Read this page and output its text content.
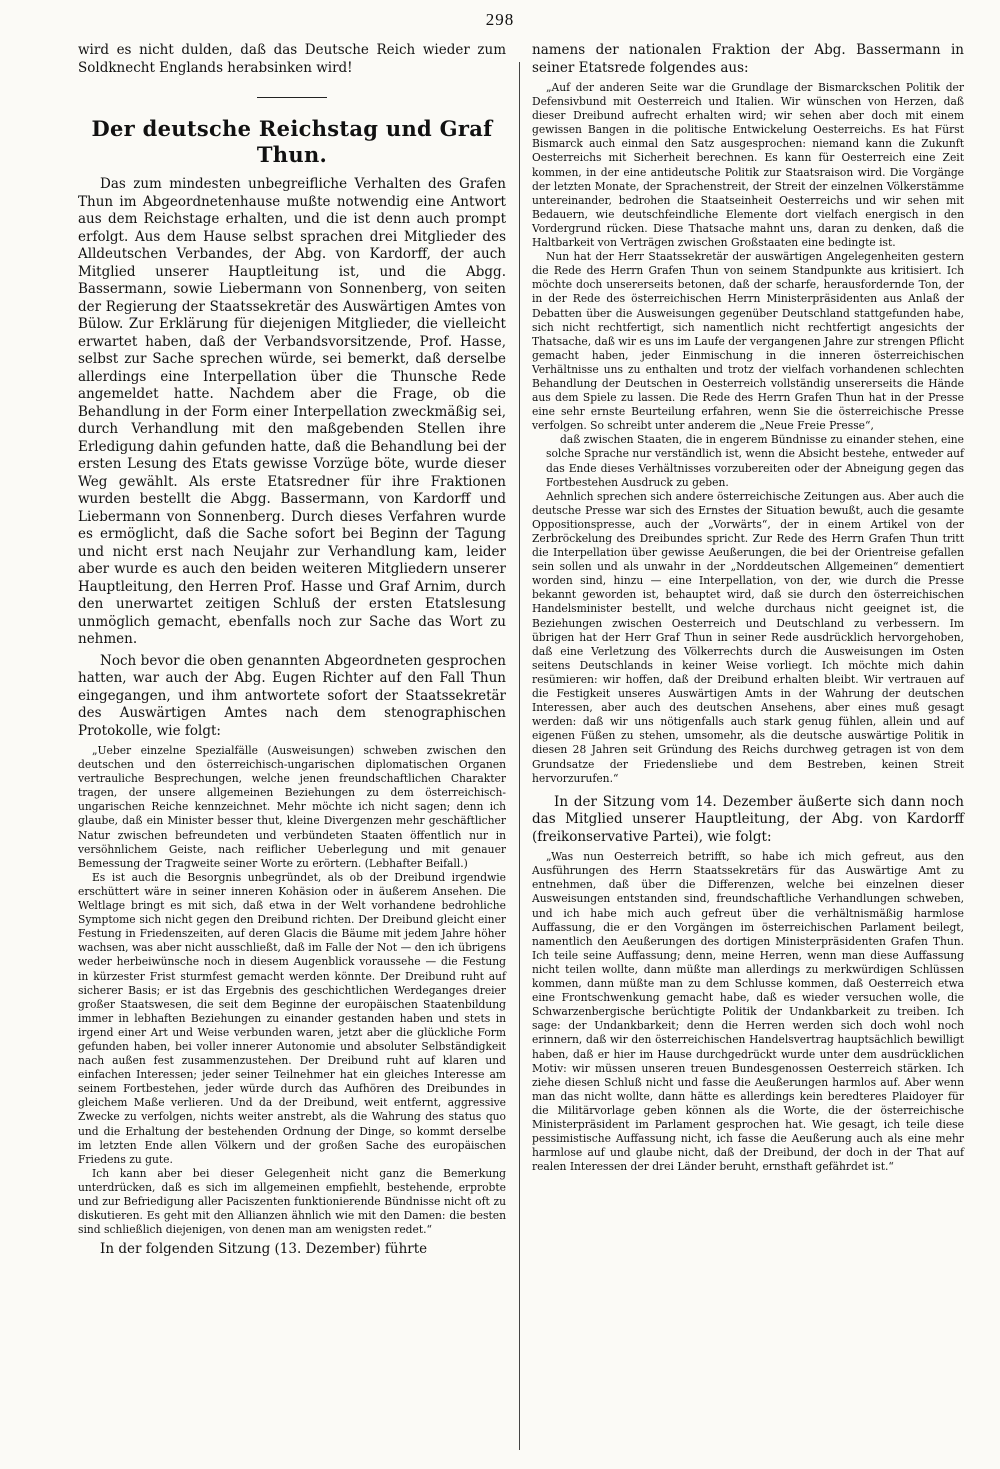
298

wird es nicht dulden, daß das Deutsche Reich wieder zum Soldknecht Englands herabsinken wird!

Der deutsche Reichstag und Graf Thun.

Das zum mindesten unbegreifliche Verhalten des Grafen Thun im Abgeordnetenhause mußte notwendig eine Antwort aus dem Reichstage erhalten, und die ist denn auch prompt erfolgt. Aus dem Hause selbst sprachen drei Mitglieder des Alldeutschen Verbandes, der Abg. von Kardorff, der auch Mitglied unserer Hauptleitung ist, und die Abgg. Bassermann, sowie Liebermann von Sonnenberg, von seiten der Regierung der Staatssekretär des Auswärtigen Amtes von Bülow. Zur Erklärung für diejenigen Mitglieder, die vielleicht erwartet haben, daß der Verbandsvorsitzende, Prof. Hasse, selbst zur Sache sprechen würde, sei bemerkt, daß derselbe allerdings eine Interpellation über die Thunsche Rede angemeldet hatte. Nachdem aber die Frage, ob die Behandlung in der Form einer Interpellation zweckmäßig sei, durch Verhandlung mit den maßgebenden Stellen ihre Erledigung dahin gefunden hatte, daß die Behandlung bei der ersten Lesung des Etats gewisse Vorzüge böte, wurde dieser Weg gewählt. Als erste Etatsredner für ihre Fraktionen wurden bestellt die Abgg. Bassermann, von Kardorff und Liebermann von Sonnenberg. Durch dieses Verfahren wurde es ermöglicht, daß die Sache sofort bei Beginn der Tagung und nicht erst nach Neujahr zur Verhandlung kam, leider aber wurde es auch den beiden weiteren Mitgliedern unserer Hauptleitung, den Herren Prof. Hasse und Graf Arnim, durch den unerwartet zeitigen Schluß der ersten Etatslesung unmöglich gemacht, ebenfalls noch zur Sache das Wort zu nehmen.

Noch bevor die oben genannten Abgeordneten gesprochen hatten, war auch der Abg. Eugen Richter auf den Fall Thun eingegangen, und ihm antwortete sofort der Staatssekretär des Auswärtigen Amtes nach dem stenographischen Protokolle, wie folgt:

„Ueber einzelne Spezialfälle (Ausweisungen) schweben zwischen den deutschen und den österreichisch-ungarischen diplomatischen Organen vertrauliche Besprechungen, welche jenen freundschaftlichen Charakter tragen, der unsere allgemeinen Beziehungen zu dem österreichisch-ungarischen Reiche kennzeichnet. Mehr möchte ich nicht sagen; denn ich glaube, daß ein Minister besser thut, kleine Divergenzen mehr geschäftlicher Natur zwischen befreundeten und verbündeten Staaten öffentlich nur in versöhnlichem Geiste, nach reiflicher Ueberlegung und mit genauer Bemessung der Tragweite seiner Worte zu erörtern. (Lebhafter Beifall.)

Es ist auch die Besorgnis unbegründet, als ob der Dreibund irgendwie erschüttert wäre in seiner inneren Kohäsion oder in äußerem Ansehen. Die Weltlage bringt es mit sich, daß etwa in der Welt vorhandene bedrohliche Symptome sich nicht gegen den Dreibund richten. Der Dreibund gleicht einer Festung in Friedenszeiten, auf deren Glacis die Bäume mit jedem Jahre höher wachsen, was aber nicht ausschließt, daß im Falle der Not — den ich übrigens weder herbeiwünsche noch in diesem Augenblick voraussehe — die Festung in kürzester Frist sturmfest gemacht werden könnte. Der Dreibund ruht auf sicherer Basis; er ist das Ergebnis des geschichtlichen Werdeganges dreier großer Staatswesen, die seit dem Beginne der europäischen Staatenbildung immer in lebhaften Beziehungen zu einander gestanden haben und stets in irgend einer Art und Weise verbunden waren, jetzt aber die glückliche Form gefunden haben, bei voller innerer Autonomie und absoluter Selbständigkeit nach außen fest zusammenzustehen. Der Dreibund ruht auf klaren und einfachen Interessen; jeder seiner Teilnehmer hat ein gleiches Interesse am seinem Fortbestehen, jeder würde durch das Aufhören des Dreibundes in gleichem Maße verlieren. Und da der Dreibund, weit entfernt, aggressive Zwecke zu verfolgen, nichts weiter anstrebt, als die Wahrung des status quo und die Erhaltung der bestehenden Ordnung der Dinge, so kommt derselbe im letzten Ende allen Völkern und der großen Sache des europäischen Friedens zu gute.

Ich kann aber bei dieser Gelegenheit nicht ganz die Bemerkung unterdrücken, daß es sich im allgemeinen empfiehlt, bestehende, erprobte und zur Befriedigung aller Paciszenten funktionierende Bündnisse nicht oft zu diskutieren. Es geht mit den Allianzen ähnlich wie mit den Damen: die besten sind schließlich diejenigen, von denen man am wenigsten redet.“

In der folgenden Sitzung (13. Dezember) führte

namens der nationalen Fraktion der Abg. Bassermann in seiner Etatsrede folgendes aus:

„Auf der anderen Seite war die Grundlage der Bismarckschen Politik der Defensivbund mit Oesterreich und Italien. Wir wünschen von Herzen, daß dieser Dreibund aufrecht erhalten wird; wir sehen aber doch mit einem gewissen Bangen in die politische Entwickelung Oesterreichs. Es hat Fürst Bismarck auch einmal den Satz ausgesprochen: niemand kann die Zukunft Oesterreichs mit Sicherheit berechnen. Es kann für Oesterreich eine Zeit kommen, in der eine antideutsche Politik zur Staatsraison wird. Die Vorgänge der letzten Monate, der Sprachenstreit, der Streit der einzelnen Völkerstämme untereinander, bedrohen die Staatseinheit Oesterreichs und wir sehen mit Bedauern, wie deutschfeindliche Elemente dort vielfach energisch in den Vordergrund rücken. Diese Thatsache mahnt uns, daran zu denken, daß die Haltbarkeit von Verträgen zwischen Großstaaten eine bedingte ist.

Nun hat der Herr Staatssekretär der auswärtigen Angelegenheiten gestern die Rede des Herrn Grafen Thun von seinem Standpunkte aus kritisiert. Ich möchte doch unsererseits betonen, daß der scharfe, herausfordernde Ton, der in der Rede des österreichischen Herrn Ministerpräsidenten aus Anlaß der Debatten über die Ausweisungen gegenüber Deutschland stattgefunden habe, sich nicht rechtfertigt, sich namentlich nicht rechtfertigt angesichts der Thatsache, daß wir es uns im Laufe der vergangenen Jahre zur strengen Pflicht gemacht haben, jeder Einmischung in die inneren österreichischen Verhältnisse uns zu enthalten und trotz der vielfach vorhandenen schlechten Behandlung der Deutschen in Oesterreich vollständig unsererseits die Hände aus dem Spiele zu lassen. Die Rede des Herrn Grafen Thun hat in der Presse eine sehr ernste Beurteilung erfahren, wenn Sie die österreichische Presse verfolgen. So schreibt unter anderem die „Neue Freie Presse“,

daß zwischen Staaten, die in engerem Bündnisse zu einander stehen, eine solche Sprache nur verständlich ist, wenn die Absicht bestehe, entweder auf das Ende dieses Verhältnisses vorzubereiten oder der Abneigung gegen das Fortbestehen Ausdruck zu geben.

Aehnlich sprechen sich andere österreichische Zeitungen aus. Aber auch die deutsche Presse war sich des Ernstes der Situation bewußt, auch die gesamte Oppositionspresse, auch der „Vorwärts“, der in einem Artikel von der Zerbröckelung des Dreibundes spricht. Zur Rede des Herrn Grafen Thun tritt die Interpellation über gewisse Aeußerungen, die bei der Orientreise gefallen sein sollen und als unwahr in der „Norddeutschen Allgemeinen“ dementiert worden sind, hinzu — eine Interpellation, von der, wie durch die Presse bekannt geworden ist, behauptet wird, daß sie durch den österreichischen Handelsminister bestellt, und welche durchaus nicht geeignet ist, die Beziehungen zwischen Oesterreich und Deutschland zu verbessern. Im übrigen hat der Herr Graf Thun in seiner Rede ausdrücklich hervorgehoben, daß eine Verletzung des Völkerrechts durch die Ausweisungen im Osten seitens Deutschlands in keiner Weise vorliegt. Ich möchte mich dahin resümieren: wir hoffen, daß der Dreibund erhalten bleibt. Wir vertrauen auf die Festigkeit unseres Auswärtigen Amts in der Wahrung der deutschen Interessen, aber auch des deutschen Ansehens, aber eines muß gesagt werden: daß wir uns nötigenfalls auch stark genug fühlen, allein und auf eigenen Füßen zu stehen, umsomehr, als die deutsche auswärtige Politik in diesen 28 Jahren seit Gründung des Reichs durchweg getragen ist von dem Grundsatze der Friedensliebe und dem Bestreben, keinen Streit hervorzurufen.“

In der Sitzung vom 14. Dezember äußerte sich dann noch das Mitglied unserer Hauptleitung, der Abg. von Kardorff (freikonservative Partei), wie folgt:

„Was nun Oesterreich betrifft, so habe ich mich gefreut, aus den Ausführungen des Herrn Staatssekretärs für das Auswärtige Amt zu entnehmen, daß über die Differenzen, welche bei einzelnen dieser Ausweisungen entstanden sind, freundschaftliche Verhandlungen schweben, und ich habe mich auch gefreut über die verhältnismäßig harmlose Auffassung, die er den Vorgängen im österreichischen Parlament beilegt, namentlich den Aeußerungen des dortigen Ministerpräsidenten Grafen Thun. Ich teile seine Auffassung; denn, meine Herren, wenn man diese Auffassung nicht teilen wollte, dann müßte man allerdings zu merkwürdigen Schlüssen kommen, dann müßte man zu dem Schlusse kommen, daß Oesterreich etwa eine Frontschwenkung gemacht habe, daß es wieder versuchen wolle, die Schwarzenbergische berüchtigte Politik der Undankbarkeit zu treiben. Ich sage: der Undankbarkeit; denn die Herren werden sich doch wohl noch erinnern, daß wir den österreichischen Handelsvertrag hauptsächlich bewilligt haben, daß er hier im Hause durchgedrückt wurde unter dem ausdrücklichen Motiv: wir müssen unseren treuen Bundesgenossen Oesterreich stärken. Ich ziehe diesen Schluß nicht und fasse die Aeußerungen harmlos auf. Aber wenn man das nicht wollte, dann hätte es allerdings kein beredteres Plaidoyer für die Militärvorlage geben können als die Worte, die der österreichische Ministerpräsident im Parlament gesprochen hat. Wie gesagt, ich teile diese pessimistische Auffassung nicht, ich fasse die Aeußerung auch als eine mehr harmlose auf und glaube nicht, daß der Dreibund, der doch in der That auf realen Interessen der drei Länder beruht, ernsthaft gefährdet ist.“
